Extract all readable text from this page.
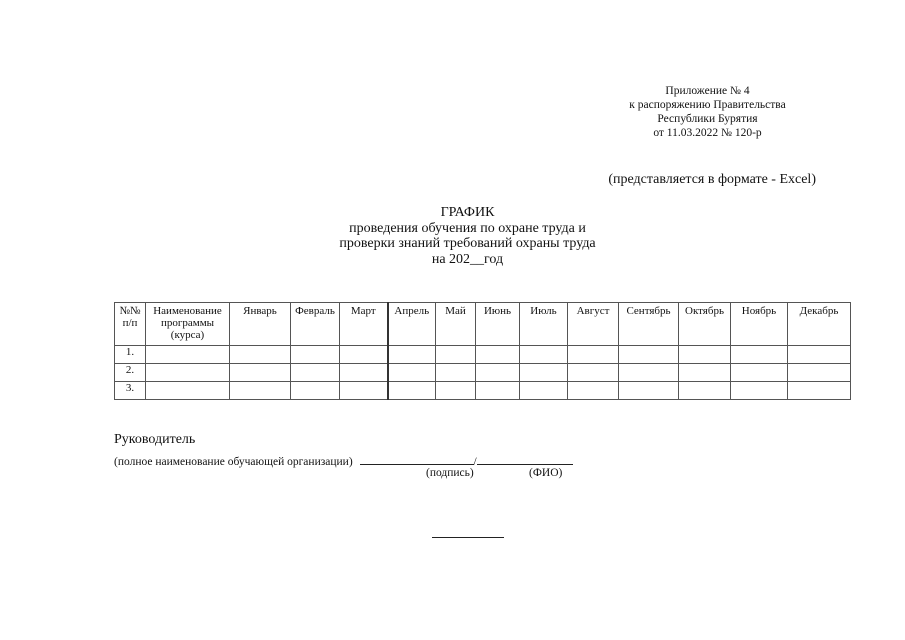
Приложение № 4
к распоряжению Правительства
Республики Бурятия
от 11.03.2022 № 120-р
(представляется в формате - Excel)
ГРАФИК
проведения обучения по охране труда и
проверки знаний требований охраны труда
на 202__год
№№ п/п	Наименование программы (курса)	Январь	Февраль	Март	Апрель	Май	Июнь	Июль	Август	Сентябрь	Октябрь	Ноябрь	Декабрь
1.													
2.													
3.													
Руководитель
(полное наименование обучающей организации)	/
(подпись)	(ФИО)
